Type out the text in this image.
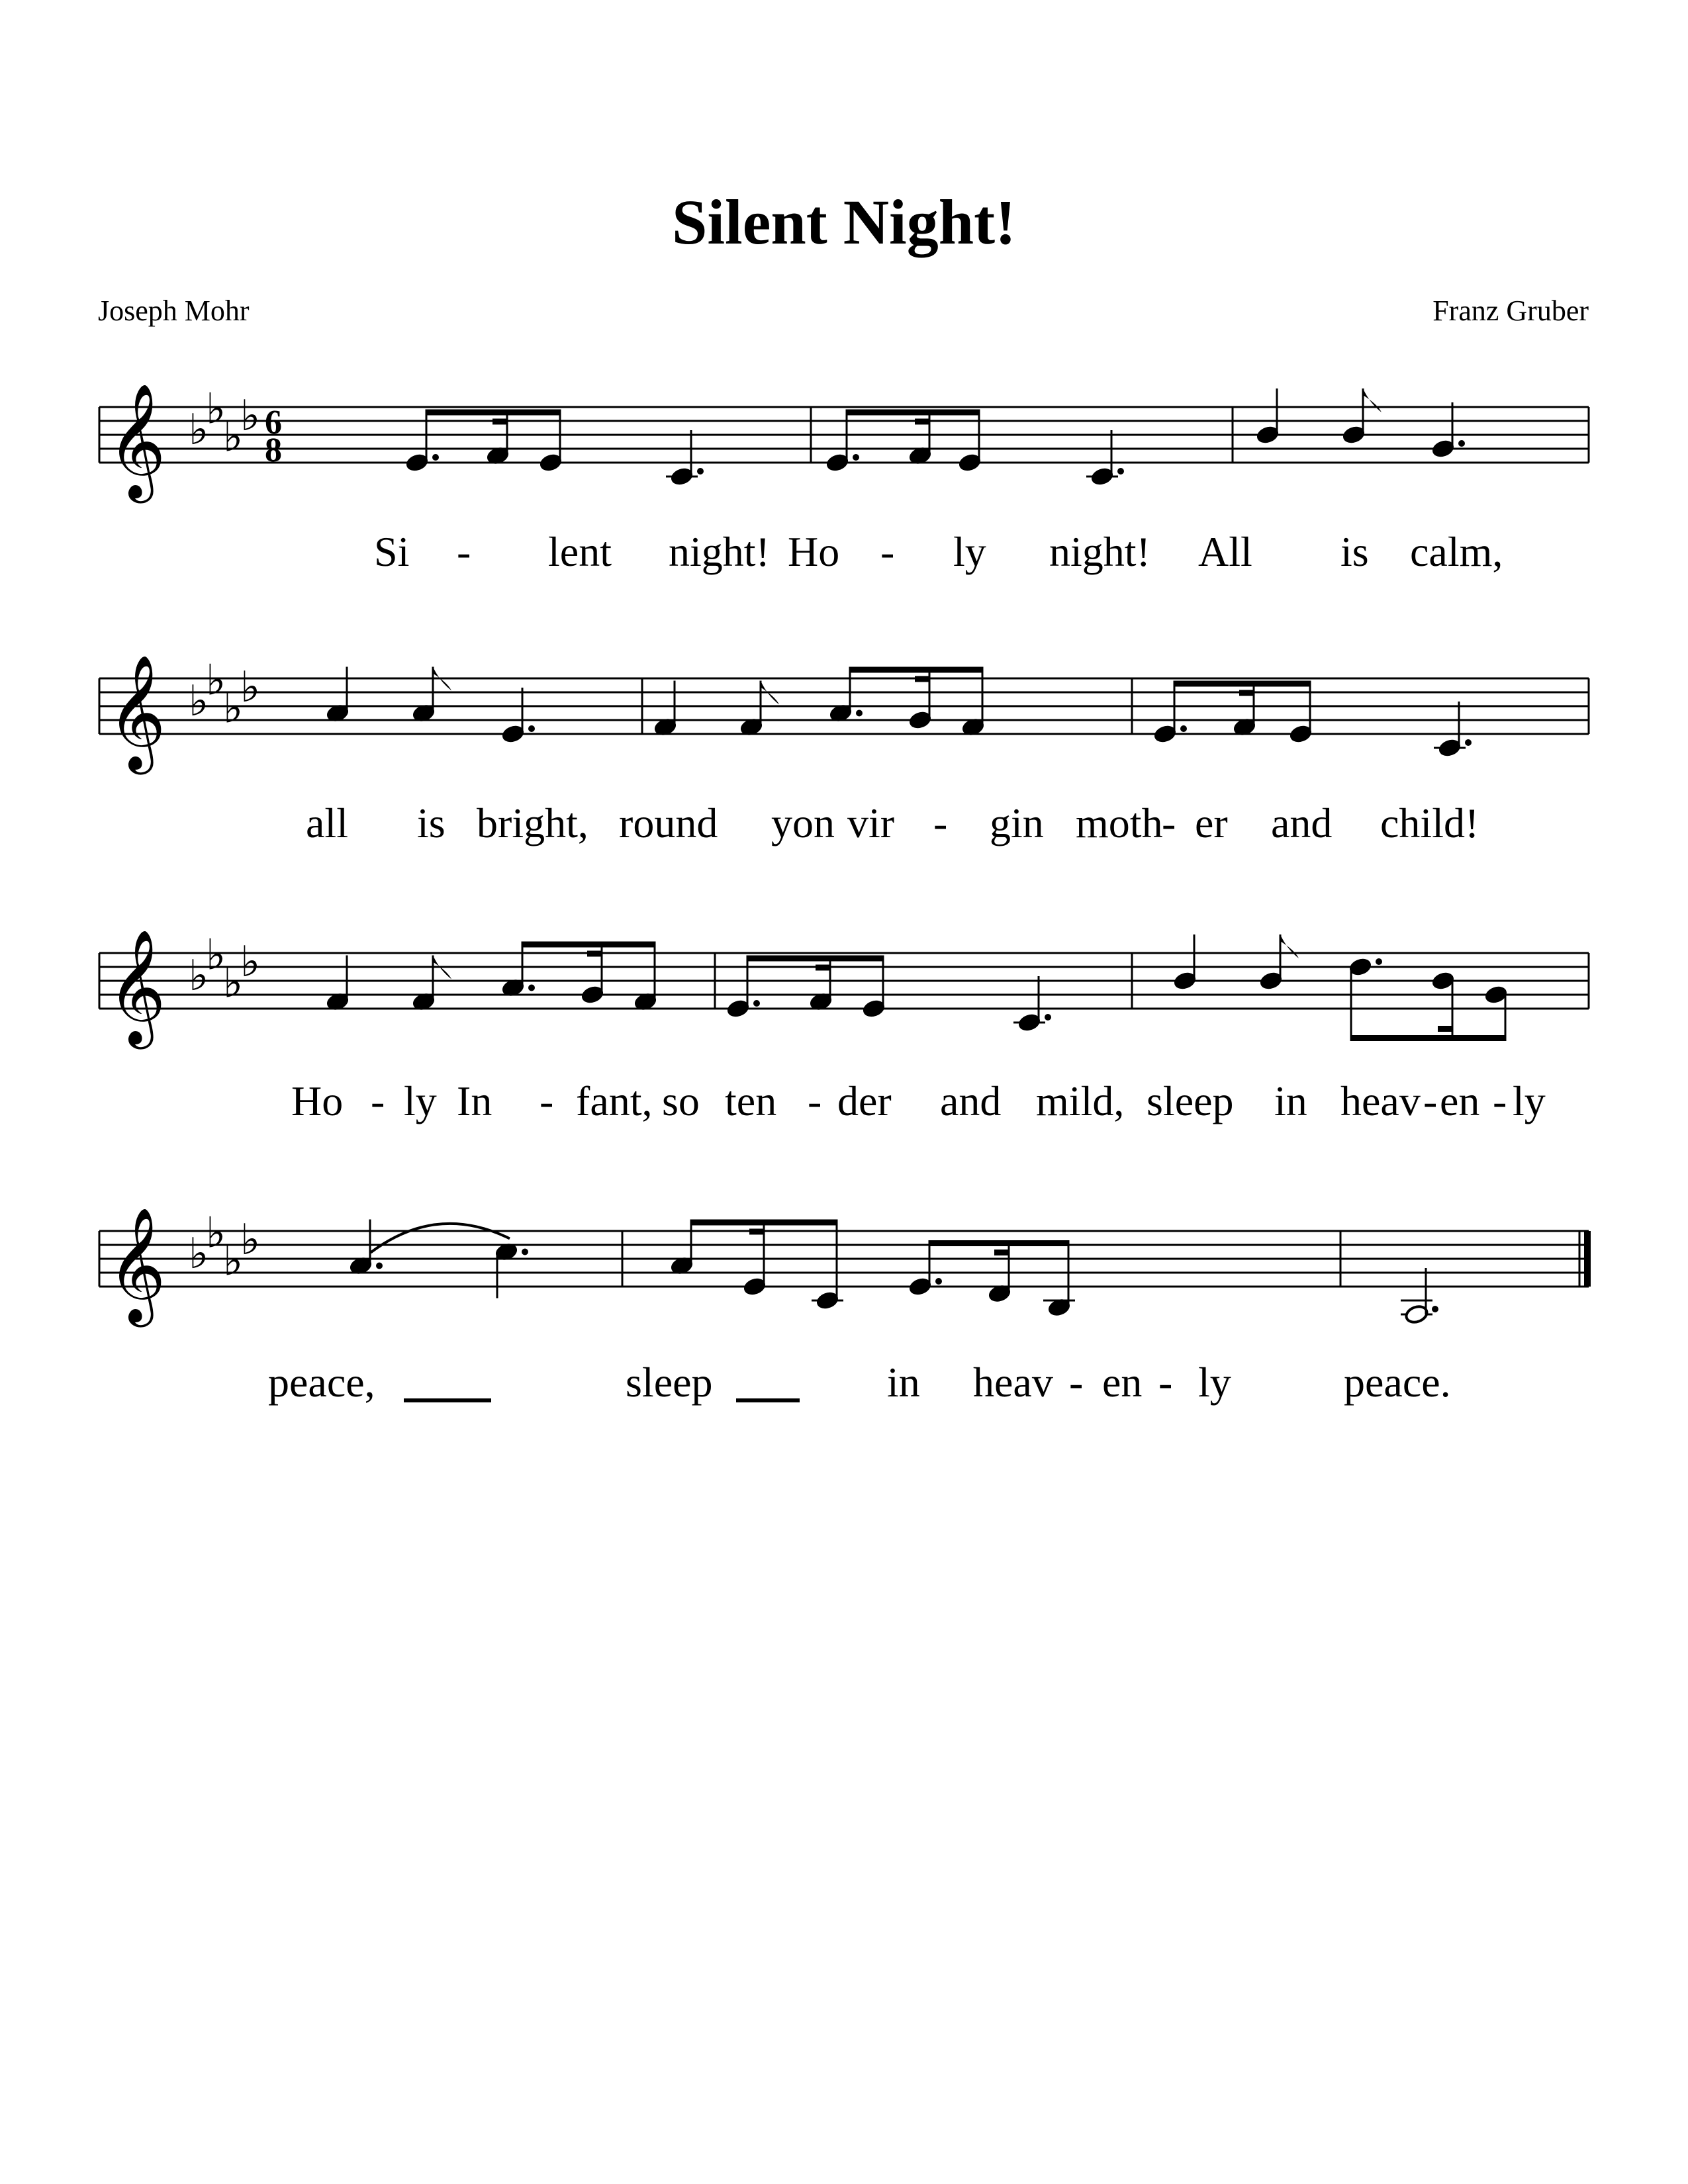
Silent Night!
Joseph Mohr	Franz Gruber
𝄞 ♭
♭
♭
♭ 6
8
Si - lent night! Ho - ly night! All is calm,
𝄞 ♭
♭
♭
♭
all is bright, round yon vir - gin moth
- er and child!
𝄞 ♭
♭
♭
♭
Ho - ly In - fant, so ten - der and mild, sleep in heav - en - ly
𝄞 ♭
♭
♭
♭
peace,	sleep	in heav - en - ly	peace.
